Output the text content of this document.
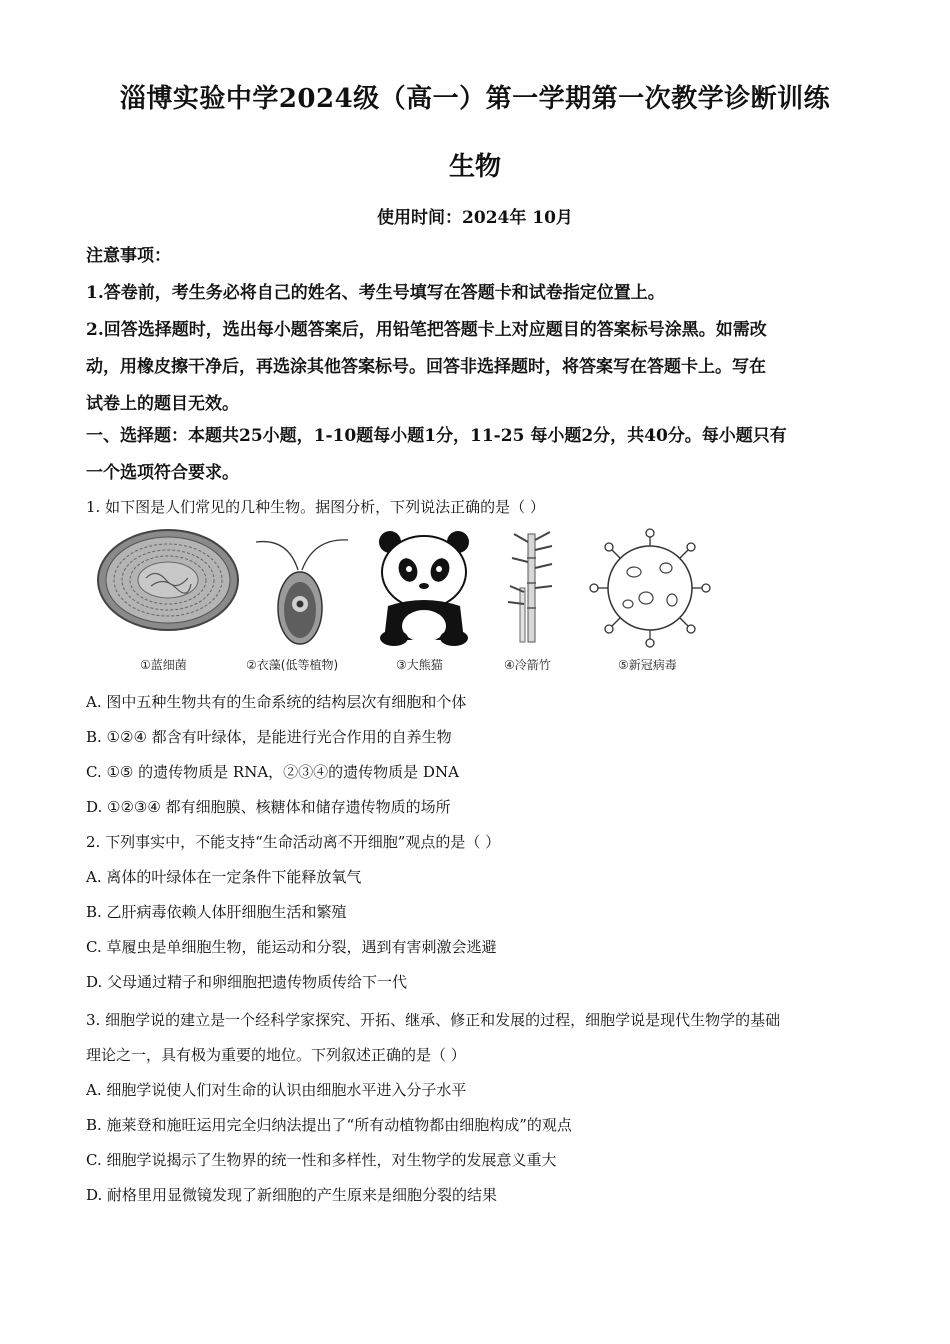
淄博实验中学2024级（高一）第一学期第一次教学诊断训练
生物
使用时间：2024年 10月

注意事项：

1.答卷前，考生务必将自己的姓名、考生号填写在答题卡和试卷指定位置上。

2.回答选择题时，选出每小题答案后，用铅笔把答题卡上对应题目的答案标号涂黑。如需改

动，用橡皮擦干净后，再选涂其他答案标号。回答非选择题时，将答案写在答题卡上。写在

试卷上的题目无效。

一、选择题：本题共25小题，1-10题每小题1分，11-25 每小题2分，共40分。每小题只有

一个选项符合要求。

1. 如下图是人们常见的几种生物。据图分析，下列说法正确的是（ ）

①蓝细菌	②衣藻(低等植物)	③大熊猫	④冷箭竹	⑤新冠病毒

A. 图中五种生物共有的生命系统的结构层次有细胞和个体

B. ①②④ 都含有叶绿体，是能进行光合作用的自养生物

C. ①⑤ 的遗传物质是 RNA，②③④的遗传物质是 DNA

D. ①②③④ 都有细胞膜、核糖体和储存遗传物质的场所

2. 下列事实中，不能支持“生命活动离不开细胞”观点的是（ ）

A. 离体的叶绿体在一定条件下能释放氧气

B. 乙肝病毒依赖人体肝细胞生活和繁殖

C. 草履虫是单细胞生物，能运动和分裂，遇到有害刺激会逃避

D. 父母通过精子和卵细胞把遗传物质传给下一代

3. 细胞学说的建立是一个经科学家探究、开拓、继承、修正和发展的过程，细胞学说是现代生物学的基础

理论之一，具有极为重要的地位。下列叙述正确的是（ ）

A. 细胞学说使人们对生命的认识由细胞水平进入分子水平

B. 施莱登和施旺运用完全归纳法提出了“所有动植物都由细胞构成”的观点

C. 细胞学说揭示了生物界的统一性和多样性，对生物学的发展意义重大

D. 耐格里用显微镜发现了新细胞的产生原来是细胞分裂的结果
